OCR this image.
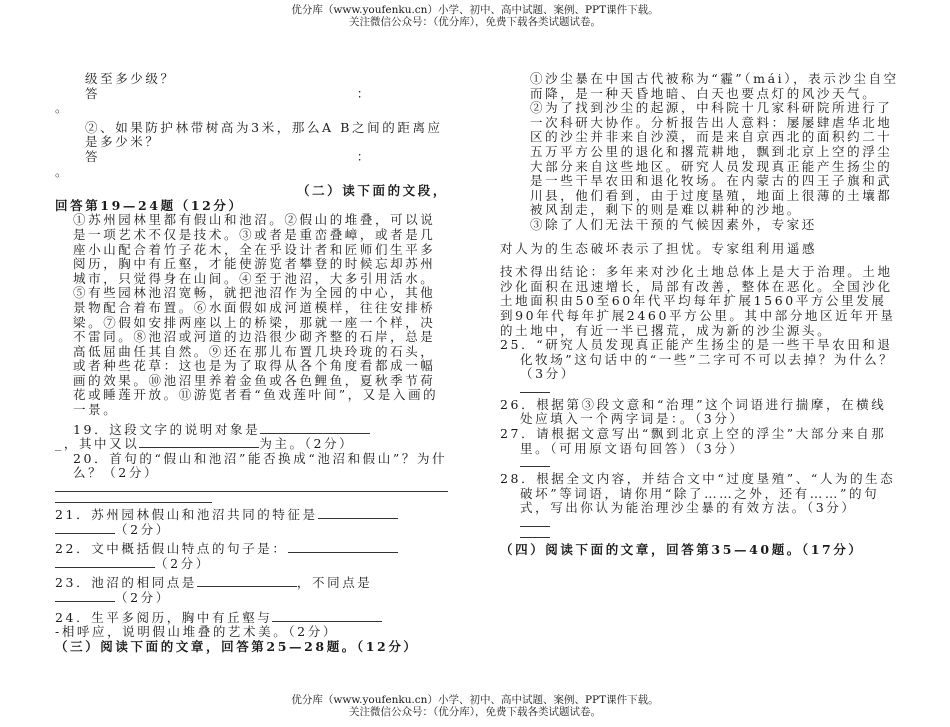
优分库（www.youfenku.cn）小学、初中、高中试题、案例、PPT课件下载。
关注微信公众号：（优分库），免费下载各类试题试卷。

级至多少级？

答　　　　　　　　　　　　　　　　　：

。

②、如果防护林带树高为3米，那么A B之间的距离应是多少米？

答　　　　　　　　　　　　　　　　　：

。

（二）读下面的文段，

回答第19—24题（12分）

①苏州园林里都有假山和池沼。②假山的堆叠，可以说是一项艺术不仅是技术。③或者是重峦叠嶂，或者是几座小山配合着竹子花木，全在乎设计者和匠师们生平多阅历，胸中有丘壑，才能使游览者攀登的时候忘却苏州城市，只觉得身在山间。④至于池沼，大多引用活水。⑤有些园林池沼宽畅，就把池沼作为全园的中心，其他景物配合着布置。⑥水面假如成河道模样，往往安排桥梁。⑦假如安排两座以上的桥梁，那就一座一个样，决不雷同。⑧池沼或河道的边沿很少砌齐整的石岸，总是高低屈曲任其自然。⑨还在那儿布置几块玲珑的石头，或者种些花草：这也是为了取得从各个角度看都成一幅画的效果。⑩池沼里养着金鱼或各色鲤鱼，夏秋季节荷花或睡莲开放。⑪游览者看“鱼戏莲叶间”，又是入画的一景。

19．这段文字的说明对象是

_，其中又以	为主。（2分）

20．首句的“假山和池沼”能否换成“池沼和假山”？为什么？（2分）

21．苏州园林假山和池沼共同的特征是

（2分）

22．文中概括假山特点的句子是：

（2分）

23．池沼的相同点是	，不同点是

（2分）

24．生平多阅历，胸中有丘壑与

-相呼应，说明假山堆叠的艺术美。（2分）

（三）阅读下面的文章，回答第25—28题。（12分）

①沙尘暴在中国古代被称为“霾”（mái），表示沙尘自空而降，是一种天昏地暗、白天也要点灯的风沙天气。

②为了找到沙尘的起源，中科院十几家科研院所进行了一次科研大协作。分析报告出人意料：屡屡肆虐华北地区的沙尘并非来自沙漠，而是来自京西北的面积约二十五万平方公里的退化和撂荒耕地，飘到北京上空的浮尘大部分来自这些地区。研究人员发现真正能产生扬尘的是一些干旱农田和退化牧场。在内蒙古的四王子旗和武川县，他们看到，由于过度垦殖，地面上很薄的土壤都被风刮走，剩下的则是难以耕种的沙地。

③除了人们无法干预的气候因素外，专家还

对人为的生态破坏表示了担忧。专家组利用遥感

技术得出结论：多年来对沙化土地总体上是大于治理。土地沙化面积在迅速增长，局部有改善，整体在恶化。全国沙化土地面积由50至60年代平均每年扩展1560平方公里发展到90年代每年扩展2460平方公里。其中部分地区近年开垦的土地中，有近一半已撂荒，成为新的沙尘源头。

25．“研究人员发现真正能产生扬尘的是一些干旱农田和退化牧场”这句话中的“一些”二字可不可以去掉？为什么？（3分）

26．根据第③段文意和“治理”这个词语进行揣摩，在横线处应填入一个两字词是：。（3分）

27．请根据文意写出“飘到北京上空的浮尘”大部分来自那里。（可用原文语句回答）（3分）

28．根据全文内容，并结合文中“过度垦殖”、“人为的生态破坏”等词语，请你用“除了……之外，还有……”的句式，写出你认为能治理沙尘暴的有效方法。（3分）

（四）阅读下面的文章，回答第35—40题。（17分）

优分库（www.youfenku.cn）小学、初中、高中试题、案例、PPT课件下载。
关注微信公众号：（优分库），免费下载各类试题试卷。
